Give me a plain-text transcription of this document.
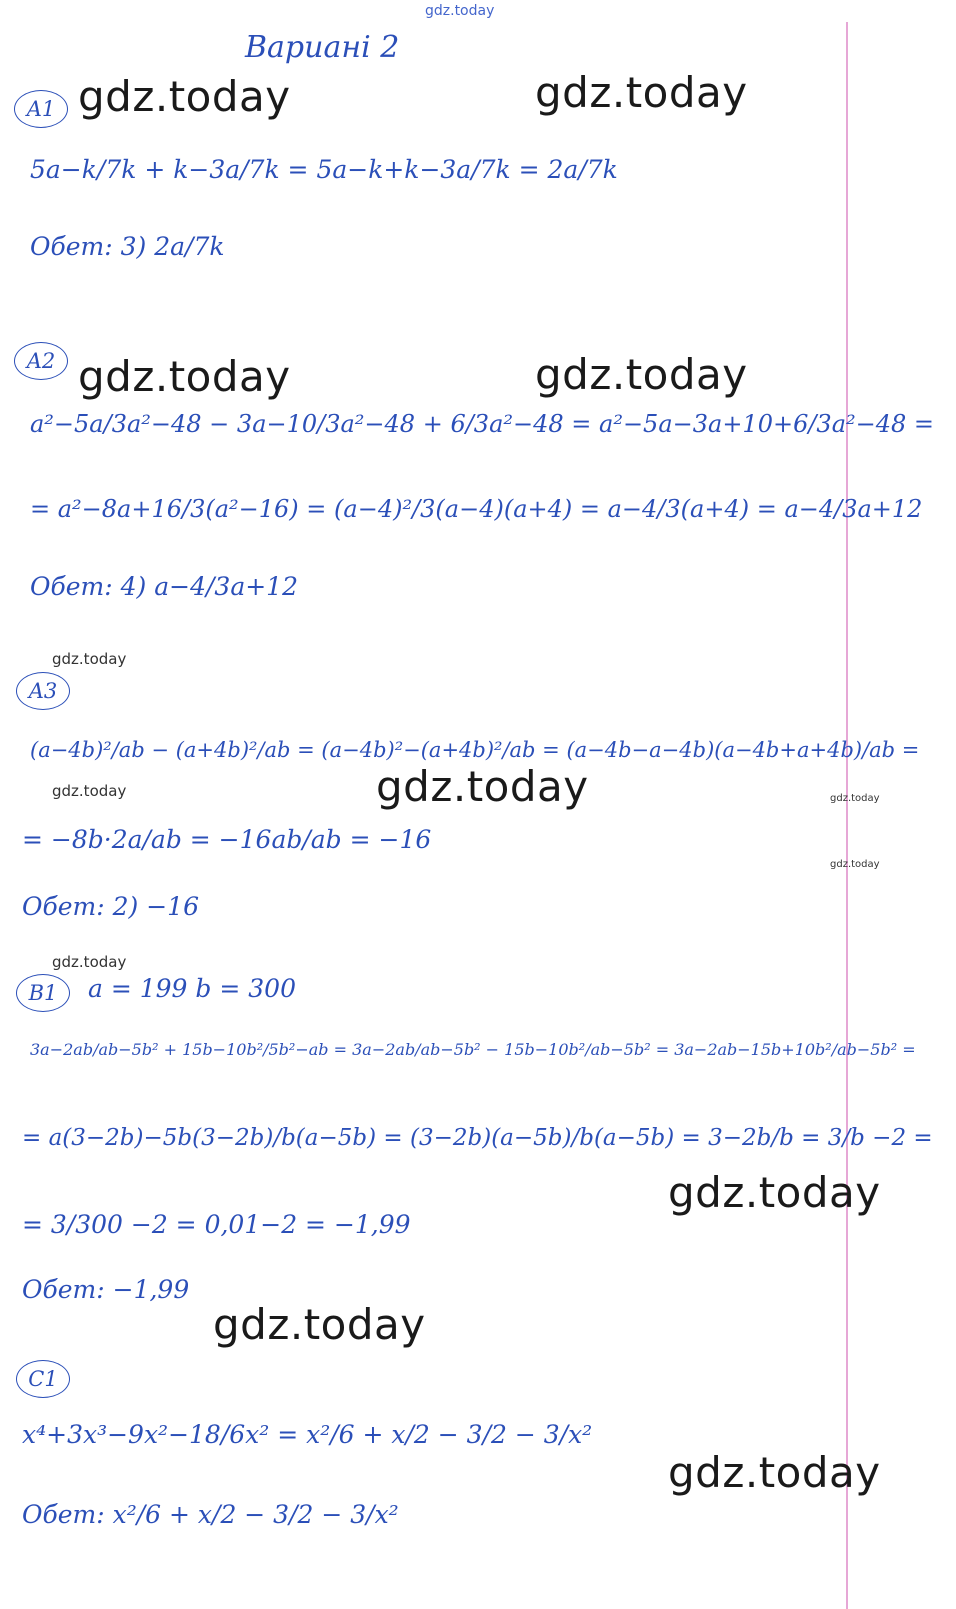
gdz.today
Варианi 2
A1 gdz.today	gdz.today
5a−k/7k + k−3a/7k = 5a−k+k−3a/7k = 2a/7k
Обет: 3) 2a/7k
A2 gdz.today	gdz.today
a²−5a/3a²−48 − 3a−10/3a²−48 + 6/3a²−48 = a²−5a−3a+10+6/3a²−48 =
= a²−8a+16/3(a²−16) = (a−4)²/3(a−4)(a+4) = a−4/3(a+4) = a−4/3a+12
Обет: 4) a−4/3a+12
gdz.today
A3
(a−4b)²/ab − (a+4b)²/ab = (a−4b)²−(a+4b)²/ab = (a−4b−a−4b)(a−4b+a+4b)/ab =
gdz.today
gdz.today	gdz.today
= −8b·2a/ab = −16ab/ab = −16
gdz.today
Обет: 2) −16
gdz.today
B1	a = 199 b = 300
3a−2ab/ab−5b² + 15b−10b²/5b²−ab = 3a−2ab/ab−5b² − 15b−10b²/ab−5b² = 3a−2ab−15b+10b²/ab−5b² =
= a(3−2b)−5b(3−2b)/b(a−5b) = (3−2b)(a−5b)/b(a−5b) = 3−2b/b = 3/b −2 =
gdz.today
= 3/300 −2 = 0,01−2 = −1,99
Обет: −1,99
gdz.today
C1
x⁴+3x³−9x²−18/6x² = x²/6 + x/2 − 3/2 − 3/x²
gdz.today
Обет: x²/6 + x/2 − 3/2 − 3/x²
